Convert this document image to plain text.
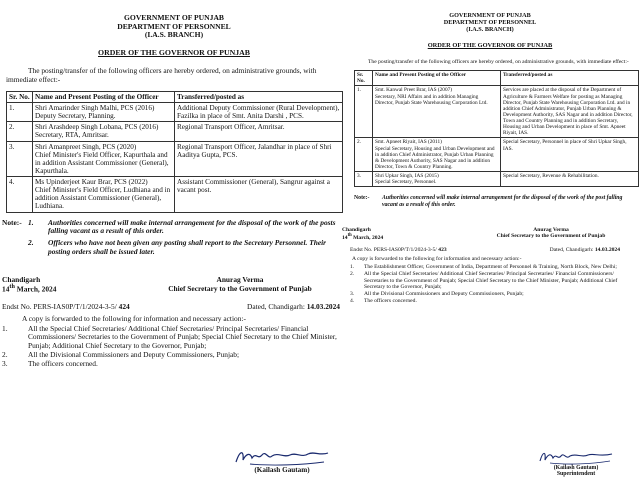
GOVERNMENT OF PUNJAB
DEPARTMENT OF PERSONNEL
(I.A.S. BRANCH)
ORDER OF THE GOVERNOR OF PUNJAB
The posting/transfer of the following officers are hereby ordered, on administrative grounds, with immediate effect:-
Sr. No.	Name and Present Posting of the Officer	Transferred/posted as
1.	Shri Amarinder Singh Malhi, PCS (2016)
Deputy Secretary, Planning.	Additional Deputy Commissioner (Rural Development), Fazilka in place of Smt. Anita Darshi , PCS.
2.	Shri Arashdeep Singh Lobana, PCS (2016)
Secretary, RTA, Amritsar.	Regional Transport Officer, Amritsar.
3.	Shri Amanpreet Singh, PCS (2020)
Chief Minister's Field Officer, Kapurthala and in addition Assistant Commissioner (General), Kapurthala.	Regional Transport Officer, Jalandhar in place of Shri Aaditya Gupta, PCS.
4.	Ms Upinderjeet Kaur Brar, PCS (2022)
Chief Minister's Field Officer, Ludhiana and in addition Assistant Commissioner (General), Ludhiana.	Assistant Commissioner (General), Sangrur against a vacant post.
Note:- 1.	Authorities concerned will make internal arrangement for the disposal of the work of the posts falling vacant as a result of this order.
2.	Officers who have not been given any posting shall report to the Secretary Personnel. Their posting orders shall be issued later.
Chandigarh
14th March, 2024
Anurag Verma
Chief Secretary to the Government of Punjab
Endst No. PERS-IAS0P/T/1/2024-3-5/ 424	Dated, Chandigarh: 14.03.2024
A copy is forwarded to the following for information and necessary action:-
1.	All the Special Chief Secretaries/ Additional Chief Secretaries/ Principal Secretaries/ Financial Commissioners/ Secretaries to the Government of Punjab; Special Chief Secretary to the Chief Minister, Punjab; Additional Chief Secretary to the Governor, Punjab;
2.	All the Divisional Commissioners and Deputy Commissioners, Punjab;
3.	The officers concerned.
(Kailash Gautam)
GOVERNMENT OF PUNJAB
DEPARTMENT OF PERSONNEL
(I.A.S. BRANCH)
ORDER OF THE GOVERNOR OF PUNJAB
The posting/transfer of the following officers are hereby ordered, on administrative grounds, with immediate effect:-
Sr. No.	Name and Present Posting of the Officer	Transferred/posted as
1.	Smt. Kanwal Preet Brar, IAS (2007)
Secretary, NRI Affairs and in addition Managing Director, Punjab State Warehousing Corporation Ltd.	Services are placed at the disposal of the Department of Agriculture & Farmers Welfare for posting as Managing Director, Punjab State Warehousing Corporation Ltd. and in addition Chief Administrator, Punjab Urban Planning & Development Authority, SAS Nagar and in addition Director, Town and Country Planning and in addition Secretary, Housing and Urban Development in place of Smt. Apneet Riyait, IAS.
2.	Smt. Apneet Riyait, IAS (2011)
Special Secretary, Housing and Urban Development and in addition Chief Administrator, Punjab Urban Planning & Development Authority, SAS Nagar and in addition Director, Town & Country Planning.	Special Secretary, Personnel in place of Shri Upkar Singh, IAS.
3.	Shri Upkar Singh, IAS (2015)
Special Secretary, Personnel.	Special Secretary, Revenue & Rehabilitation.
Note:-	Authorities concerned will make internal arrangement for the disposal of the work of the post falling vacant as a result of this order.
Chandigarh
14th March, 2024
Anurag Verma
Chief Secretary to the Government of Punjab
Endst No. PERS-IAS0P/T/1/2024-3-5/ 423	Dated, Chandigarh: 14.03.2024
A copy is forwarded to the following for information and necessary action:-
1.	The Establishment Officer, Government of India, Department of Personnel & Training, North Block, New Delhi;
2.	All the Special Chief Secretaries/ Additional Chief Secretaries/ Principal Secretaries/ Financial Commissioners/ Secretaries to the Government of Punjab; Special Chief Secretary to the Chief Minister, Punjab; Additional Chief Secretary to the Governor, Punjab;
3.	All the Divisional Commissioners and Deputy Commissioners, Punjab;
4.	The officers concerned.
(Kailash Gautam)
Superintendent
